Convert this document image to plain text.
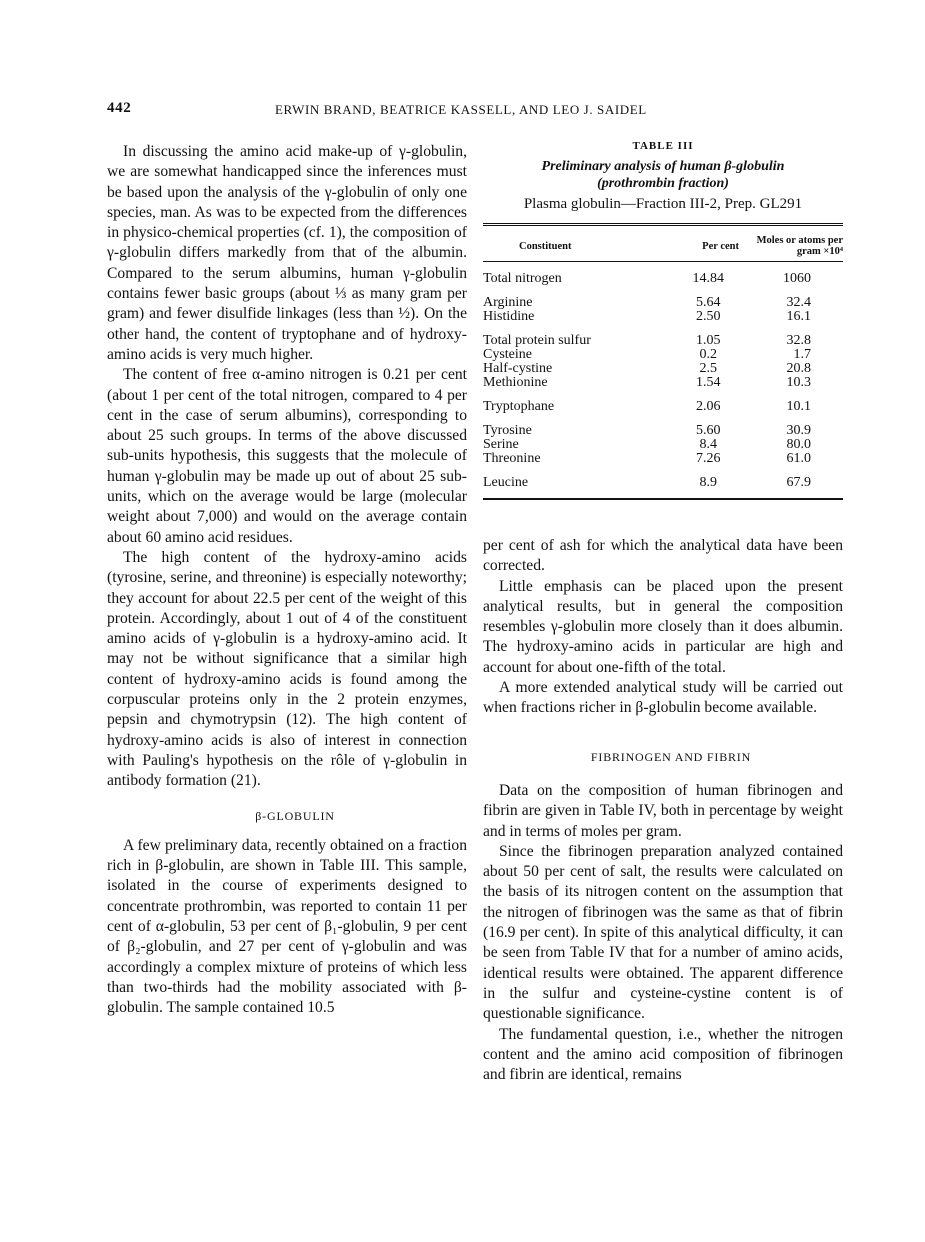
442	ERWIN BRAND, BEATRICE KASSELL, AND LEO J. SAIDEL

In discussing the amino acid make-up of γ-globulin, we are somewhat handicapped since the inferences must be based upon the analysis of the γ-globulin of only one species, man. As was to be expected from the differences in physico-chemical properties (cf. 1), the composition of γ-globulin differs markedly from that of the albumin. Compared to the serum albumins, human γ-globulin contains fewer basic groups (about ⅓ as many gram per gram) and fewer disulfide linkages (less than ½). On the other hand, the content of tryptophane and of hydroxy-amino acids is very much higher.

The content of free α-amino nitrogen is 0.21 per cent (about 1 per cent of the total nitrogen, compared to 4 per cent in the case of serum albumins), corresponding to about 25 such groups. In terms of the above discussed sub-units hypothesis, this suggests that the molecule of human γ-globulin may be made up out of about 25 sub-units, which on the average would be large (molecular weight about 7,000) and would on the average contain about 60 amino acid residues.

The high content of the hydroxy-amino acids (tyrosine, serine, and threonine) is especially noteworthy; they account for about 22.5 per cent of the weight of this protein. Accordingly, about 1 out of 4 of the constituent amino acids of γ-globulin is a hydroxy-amino acid. It may not be without significance that a similar high content of hydroxy-amino acids is found among the corpuscular proteins only in the 2 protein enzymes, pepsin and chymotrypsin (12). The high content of hydroxy-amino acids is also of interest in connection with Pauling's hypothesis on the rôle of γ-globulin in antibody formation (21).

β-GLOBULIN

A few preliminary data, recently obtained on a fraction rich in β-globulin, are shown in Table III. This sample, isolated in the course of experiments designed to concentrate prothrombin, was reported to contain 11 per cent of α-globulin, 53 per cent of β₁-globulin, 9 per cent of β₂-globulin, and 27 per cent of γ-globulin and was accordingly a complex mixture of proteins of which less than two-thirds had the mobility associated with β-globulin. The sample contained 10.5

TABLE III
Preliminary analysis of human β-globulin
(prothrombin fraction)
Plasma globulin—Fraction III-2, Prep. GL291
Constituent	Per cent	Moles or atoms per gram ×10⁴
Total nitrogen	14.84	1060
Arginine	5.64	32.4
Histidine	2.50	16.1
Total protein sulfur	1.05	32.8
Cysteine	0.2	1.7
Half-cystine	2.5	20.8
Methionine	1.54	10.3
Tryptophane	2.06	10.1
Tyrosine	5.60	30.9
Serine	8.4	80.0
Threonine	7.26	61.0
Leucine	8.9	67.9

per cent of ash for which the analytical data have been corrected.

Little emphasis can be placed upon the present analytical results, but in general the composition resembles γ-globulin more closely than it does albumin. The hydroxy-amino acids in particular are high and account for about one-fifth of the total.

A more extended analytical study will be carried out when fractions richer in β-globulin become available.

FIBRINOGEN AND FIBRIN

Data on the composition of human fibrinogen and fibrin are given in Table IV, both in percentage by weight and in terms of moles per gram.

Since the fibrinogen preparation analyzed contained about 50 per cent of salt, the results were calculated on the basis of its nitrogen content on the assumption that the nitrogen of fibrinogen was the same as that of fibrin (16.9 per cent). In spite of this analytical difficulty, it can be seen from Table IV that for a number of amino acids, identical results were obtained. The apparent difference in the sulfur and cysteine-cystine content is of questionable significance.

The fundamental question, i.e., whether the nitrogen content and the amino acid composition of fibrinogen and fibrin are identical, remains
